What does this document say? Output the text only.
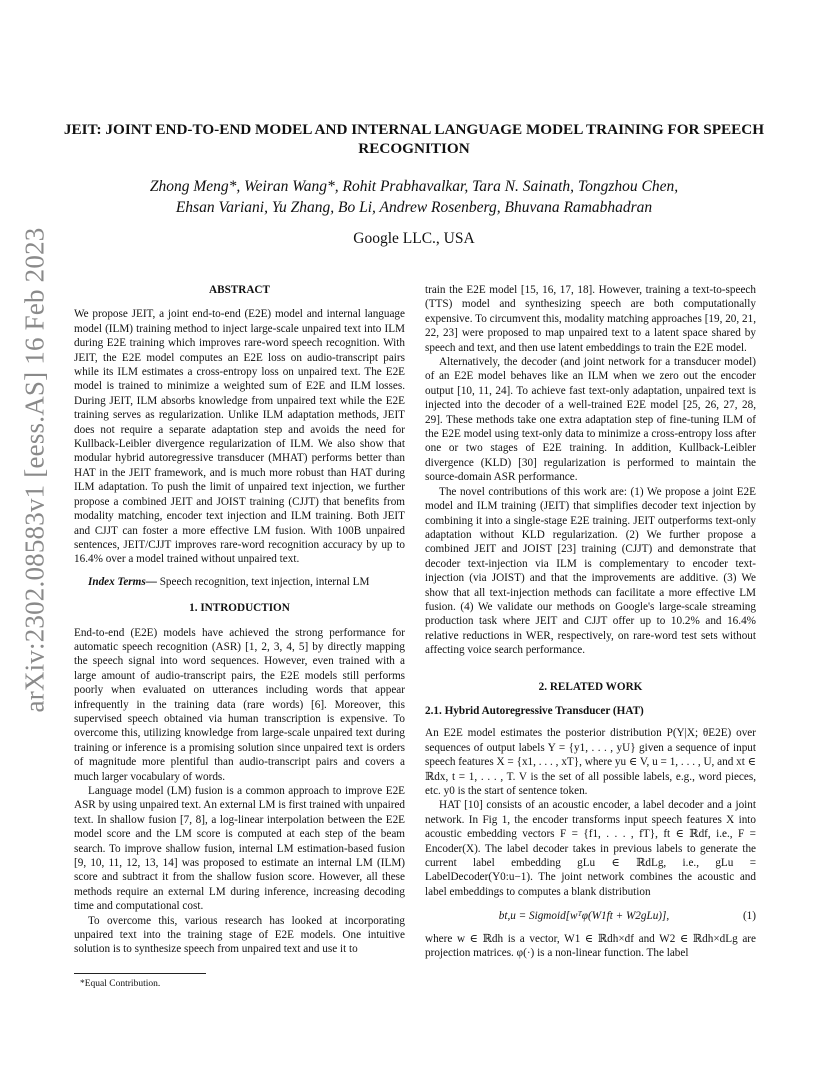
arXiv:2302.08583v1 [eess.AS] 16 Feb 2023
JEIT: JOINT END-TO-END MODEL AND INTERNAL LANGUAGE MODEL TRAINING FOR SPEECH RECOGNITION
Zhong Meng*, Weiran Wang*, Rohit Prabhavalkar, Tara N. Sainath, Tongzhou Chen,
Ehsan Variani, Yu Zhang, Bo Li, Andrew Rosenberg, Bhuvana Ramabhadran
Google LLC., USA
ABSTRACT

We propose JEIT, a joint end-to-end (E2E) model and internal language model (ILM) training method to inject large-scale unpaired text into ILM during E2E training which improves rare-word speech recognition. With JEIT, the E2E model computes an E2E loss on audio-transcript pairs while its ILM estimates a cross-entropy loss on unpaired text. The E2E model is trained to minimize a weighted sum of E2E and ILM losses. During JEIT, ILM absorbs knowledge from unpaired text while the E2E training serves as regularization. Unlike ILM adaptation methods, JEIT does not require a separate adaptation step and avoids the need for Kullback-Leibler divergence regularization of ILM. We also show that modular hybrid autoregressive transducer (MHAT) performs better than HAT in the JEIT framework, and is much more robust than HAT during ILM adaptation. To push the limit of unpaired text injection, we further propose a combined JEIT and JOIST training (CJJT) that benefits from modality matching, encoder text injection and ILM training. Both JEIT and CJJT can foster a more effective LM fusion. With 100B unpaired sentences, JEIT/CJJT improves rare-word recognition accuracy by up to 16.4% over a model trained without unpaired text.

Index Terms— Speech recognition, text injection, internal LM

1. INTRODUCTION

End-to-end (E2E) models have achieved the strong performance for automatic speech recognition (ASR) [1, 2, 3, 4, 5] by directly mapping the speech signal into word sequences. However, even trained with a large amount of audio-transcript pairs, the E2E models still performs poorly when evaluated on utterances including words that appear infrequently in the training data (rare words) [6]. Moreover, this supervised speech obtained via human transcription is expensive. To overcome this, utilizing knowledge from large-scale unpaired text during training or inference is a promising solution since unpaired text is orders of magnitude more plentiful than audio-transcript pairs and covers a much larger vocabulary of words.

Language model (LM) fusion is a common approach to improve E2E ASR by using unpaired text. An external LM is first trained with unpaired text. In shallow fusion [7, 8], a log-linear interpolation between the E2E model score and the LM score is computed at each step of the beam search. To improve shallow fusion, internal LM estimation-based fusion [9, 10, 11, 12, 13, 14] was proposed to estimate an internal LM (ILM) score and subtract it from the shallow fusion score. However, all these methods require an external LM during inference, increasing decoding time and computational cost.

To overcome this, various research has looked at incorporating unpaired text into the training stage of E2E models. One intuitive solution is to synthesize speech from unpaired text and use it to

train the E2E model [15, 16, 17, 18]. However, training a text-to-speech (TTS) model and synthesizing speech are both computationally expensive. To circumvent this, modality matching approaches [19, 20, 21, 22, 23] were proposed to map unpaired text to a latent space shared by speech and text, and then use latent embeddings to train the E2E model.

Alternatively, the decoder (and joint network for a transducer model) of an E2E model behaves like an ILM when we zero out the encoder output [10, 11, 24]. To achieve fast text-only adaptation, unpaired text is injected into the decoder of a well-trained E2E model [25, 26, 27, 28, 29]. These methods take one extra adaptation step of fine-tuning ILM of the E2E model using text-only data to minimize a cross-entropy loss after one or two stages of E2E training. In addition, Kullback-Leibler divergence (KLD) [30] regularization is performed to maintain the source-domain ASR performance.

The novel contributions of this work are: (1) We propose a joint E2E model and ILM training (JEIT) that simplifies decoder text injection by combining it into a single-stage E2E training. JEIT outperforms text-only adaptation without KLD regularization. (2) We further propose a combined JEIT and JOIST [23] training (CJJT) and demonstrate that decoder text-injection via ILM is complementary to encoder text-injection (via JOIST) and that the improvements are additive. (3) We show that all text-injection methods can facilitate a more effective LM fusion. (4) We validate our methods on Google's large-scale streaming production task where JEIT and CJJT offer up to 10.2% and 16.4% relative reductions in WER, respectively, on rare-word test sets without affecting voice search performance.

2. RELATED WORK
2.1. Hybrid Autoregressive Transducer (HAT)

An E2E model estimates the posterior distribution P(Y|X; θE2E) over sequences of output labels Y = {y1, . . . , yU} given a sequence of input speech features X = {x1, . . . , xT}, where yu ∈ V, u = 1, . . . , U, and xt ∈ ℝdx, t = 1, . . . , T. V is the set of all possible labels, e.g., word pieces, etc. y0 is the start of sentence token.

HAT [10] consists of an acoustic encoder, a label decoder and a joint network. In Fig 1, the encoder transforms input speech features X into acoustic embedding vectors F = {f1, . . . , fT}, ft ∈ ℝdf, i.e., F = Encoder(X). The label decoder takes in previous labels to generate the current label embedding gLu ∈ ℝdLg, i.e., gLu = LabelDecoder(Y0:u−1). The joint network combines the acoustic and label embeddings to computes a blank distribution

bt,u = Sigmoid[wᵀφ(W1ft + W2gLu)],	(1)

where w ∈ ℝdh is a vector, W1 ∈ ℝdh×df and W2 ∈ ℝdh×dLg are projection matrices. φ(·) is a non-linear function. The label

*Equal Contribution.
